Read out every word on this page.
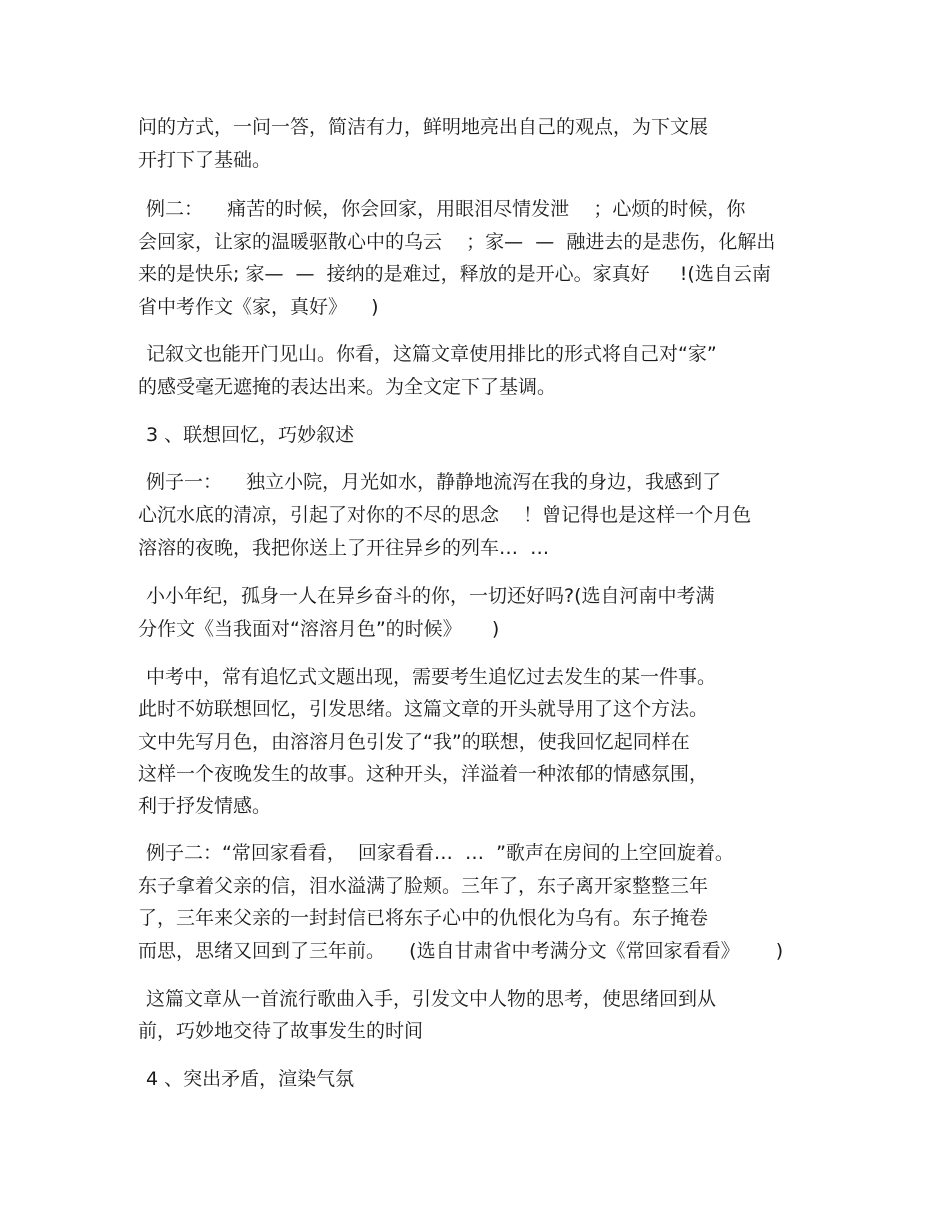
问的方式，一问一答，简洁有力，鲜明地亮出自己的观点，为下文展
开打下了基础。
例二：    痛苦的时候，你会回家，用眼泪尽情发泄    ；心烦的时候，你
会回家，让家的温暖驱散心中的乌云    ；家—  —  融进去的是悲伤，化解出
来的是快乐; 家—  —  接纳的是难过，释放的是开心。家真好     !(选自云南
省中考作文《家，真好》    )
记叙文也能开门见山。你看，这篇文章使用排比的形式将自己对“家”
的感受毫无遮掩的表达出来。为全文定下了基调。
3 、联想回忆，巧妙叙述
例子一：    独立小院，月光如水，静静地流泻在我的身边，我感到了
心沉水底的清凉，引起了对你的不尽的思念    ！曾记得也是这样一个月色
溶溶的夜晚，我把你送上了开往异乡的列车…  …
小小年纪，孤身一人在异乡奋斗的你，一切还好吗?(选自河南中考满
分作文《当我面对“溶溶月色”的时候》     )
中考中，常有追忆式文题出现，需要考生追忆过去发生的某一件事。
此时不妨联想回忆，引发思绪。这篇文章的开头就导用了这个方法。
文中先写月色，由溶溶月色引发了“我”的联想，使我回忆起同样在
这样一个夜晚发生的故事。这种开头，洋溢着一种浓郁的情感氛围，
利于抒发情感。
例子二：“常回家看看，  回家看看…  …  ”歌声在房间的上空回旋着。
东子拿着父亲的信，泪水溢满了脸颊。三年了，东子离开家整整三年
了，三年来父亲的一封封信已将东子心中的仇恨化为乌有。东子掩卷
而思，思绪又回到了三年前。    (选自甘肃省中考满分文《常回家看看》      )
这篇文章从一首流行歌曲入手，引发文中人物的思考，使思绪回到从
前，巧妙地交待了故事发生的时间
4 、突出矛盾，渲染气氛
